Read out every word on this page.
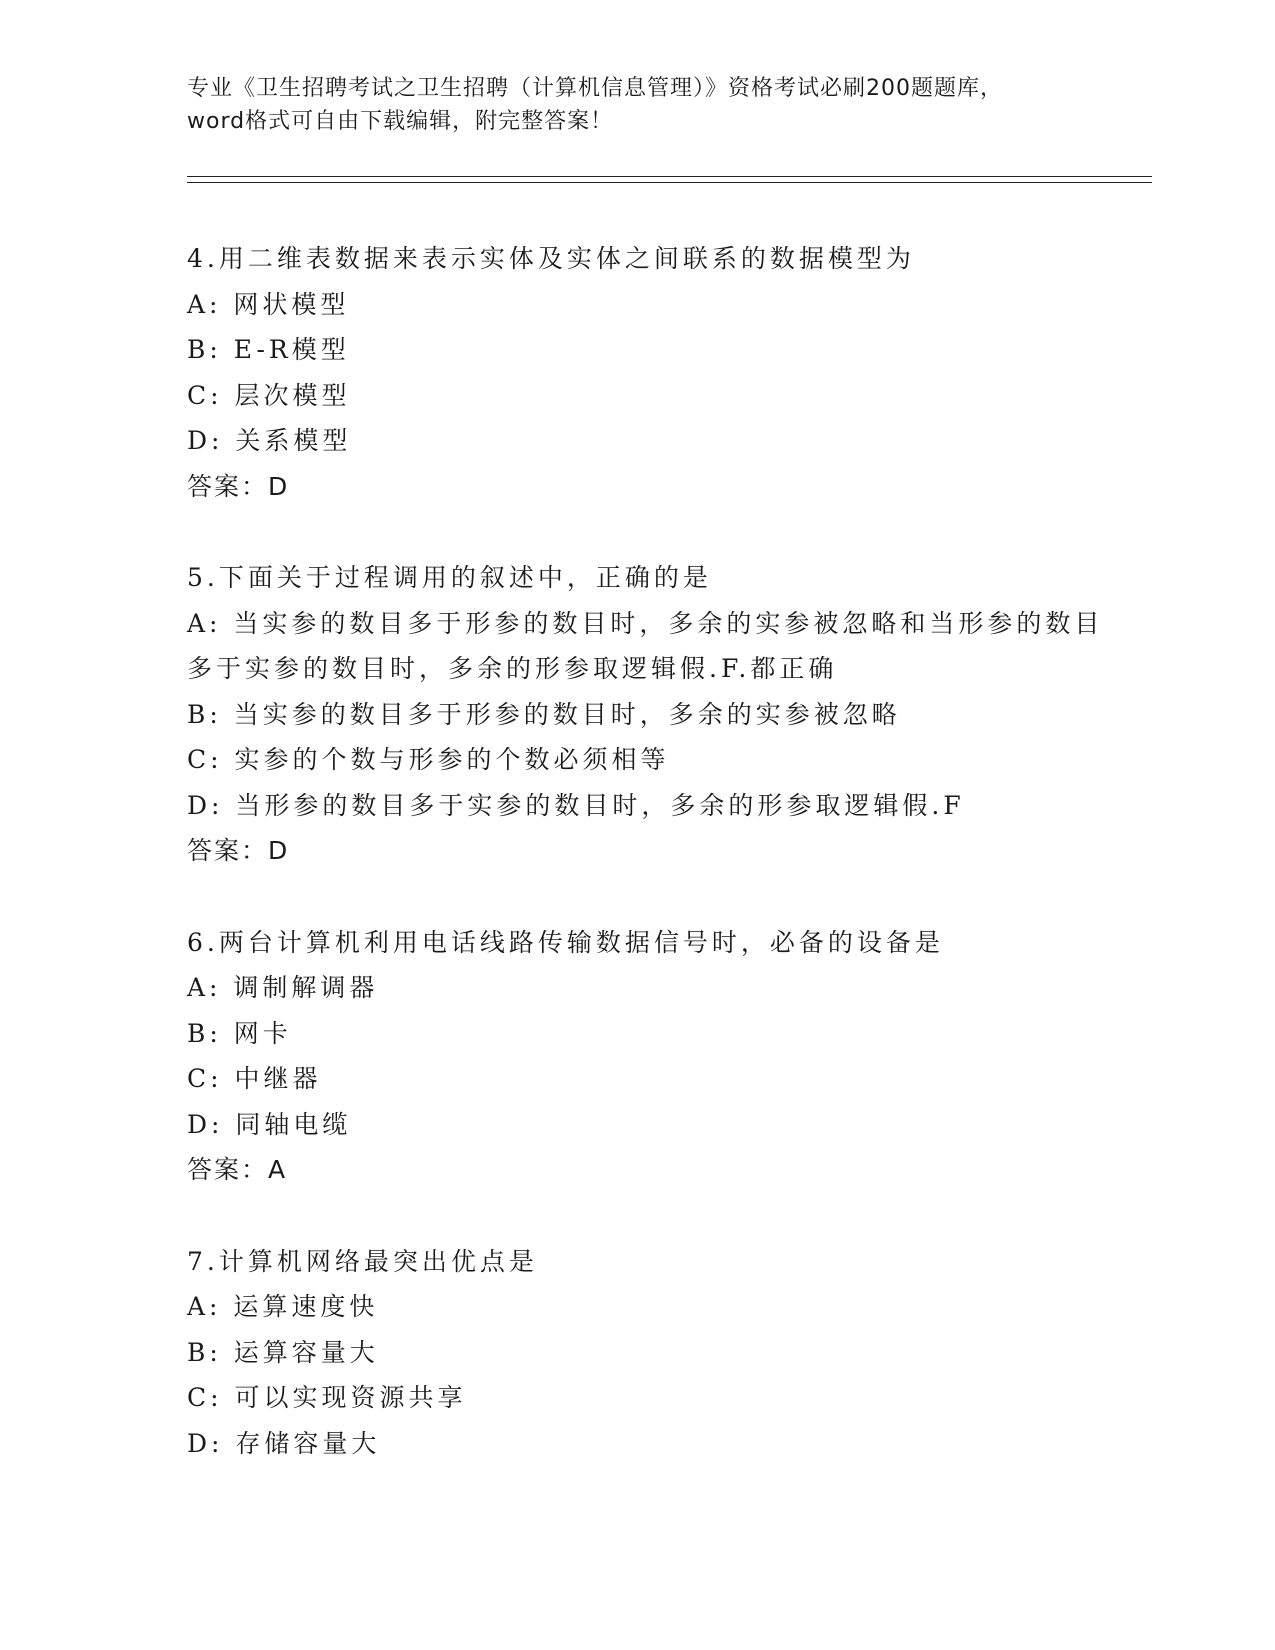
专业《卫生招聘考试之卫生招聘（计算机信息管理）》资格考试必刷200题题库，
word格式可自由下载编辑，附完整答案！
4.用二维表数据来表示实体及实体之间联系的数据模型为
A: 网状模型
B: E-R模型
C: 层次模型
D: 关系模型
答案：D
5.下面关于过程调用的叙述中，正确的是
A: 当实参的数目多于形参的数目时，多余的实参被忽略和当形参的数目多于实参的数目时，多余的形参取逻辑假.F.都正确
B: 当实参的数目多于形参的数目时，多余的实参被忽略
C: 实参的个数与形参的个数必须相等
D: 当形参的数目多于实参的数目时，多余的形参取逻辑假.F
答案：D
6.两台计算机利用电话线路传输数据信号时，必备的设备是
A: 调制解调器
B: 网卡
C: 中继器
D: 同轴电缆
答案：A
7.计算机网络最突出优点是
A: 运算速度快
B: 运算容量大
C: 可以实现资源共享
D: 存储容量大
